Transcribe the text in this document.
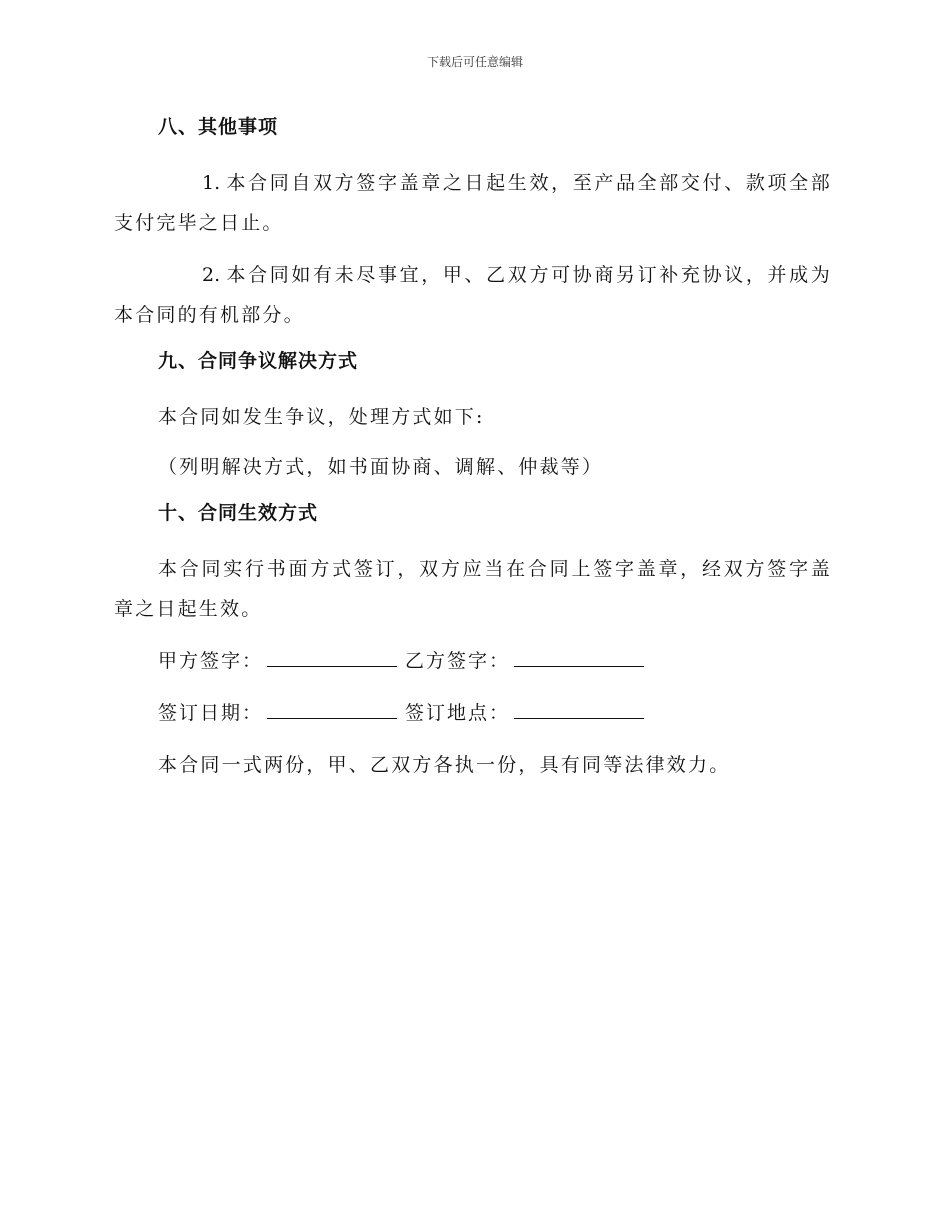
下载后可任意编辑
八、其他事项
1. 本合同自双方签字盖章之日起生效，至产品全部交付、款项全部支付完毕之日止。
2. 本合同如有未尽事宜，甲、乙双方可协商另订补充协议，并成为本合同的有机部分。
九、合同争议解决方式
本合同如发生争议，处理方式如下:
（列明解决方式，如书面协商、调解、仲裁等）
十、合同生效方式
本合同实行书面方式签订，双方应当在合同上签字盖章，经双方签字盖章之日起生效。
甲方签字：	乙方签字：
签订日期：	签订地点：
本合同一式两份，甲、乙双方各执一份，具有同等法律效力。
